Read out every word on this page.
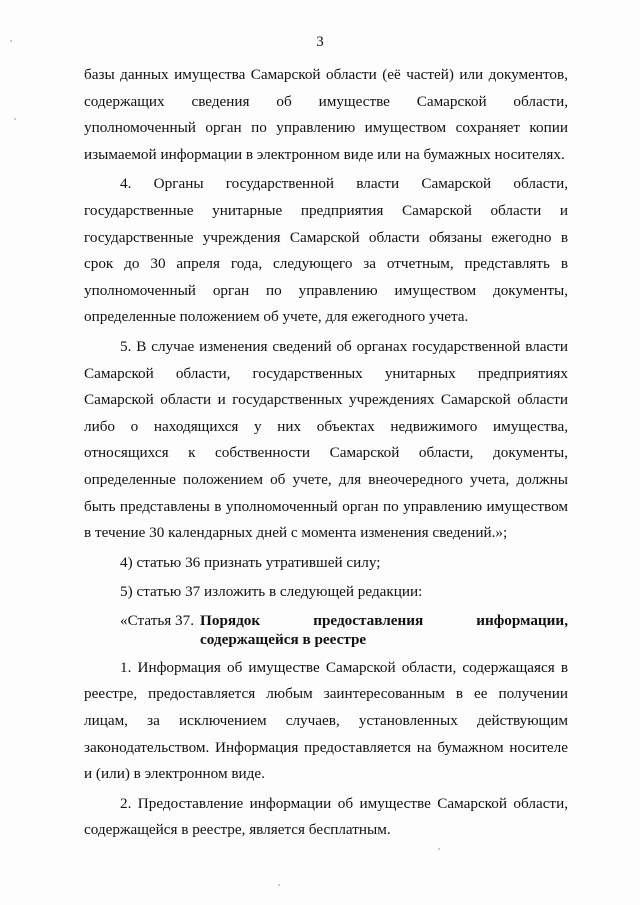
3

базы данных имущества Самарской области (её частей) или документов, содержащих сведения об имуществе Самарской области, уполномоченный орган по управлению имуществом сохраняет копии изымаемой информации в электронном виде или на бумажных носителях.

4. Органы государственной власти Самарской области, государственные унитарные предприятия Самарской области и государственные учреждения Самарской области обязаны ежегодно в срок до 30 апреля года, следующего за отчетным, представлять в уполномоченный орган по управлению имуществом документы, определенные положением об учете, для ежегодного учета.

5. В случае изменения сведений об органах государственной власти Самарской области, государственных унитарных предприятиях Самарской области и государственных учреждениях Самарской области либо о находящихся у них объектах недвижимого имущества, относящихся к собственности Самарской области, документы, определенные положением об учете, для внеочередного учета, должны быть представлены в уполномоченный орган по управлению имуществом в течение 30 календарных дней с момента изменения сведений.»;

4) статью 36 признать утратившей силу;

5) статью 37 изложить в следующей редакции:

«Статья 37. Порядок	предоставления	информации,
содержащейся в реестре

1. Информация об имуществе Самарской области, содержащаяся в реестре, предоставляется любым заинтересованным в ее получении лицам, за исключением случаев, установленных действующим законодательством. Информация предоставляется на бумажном носителе и (или) в электронном виде.

2. Предоставление информации об имуществе Самарской области, содержащейся в реестре, является бесплатным.
